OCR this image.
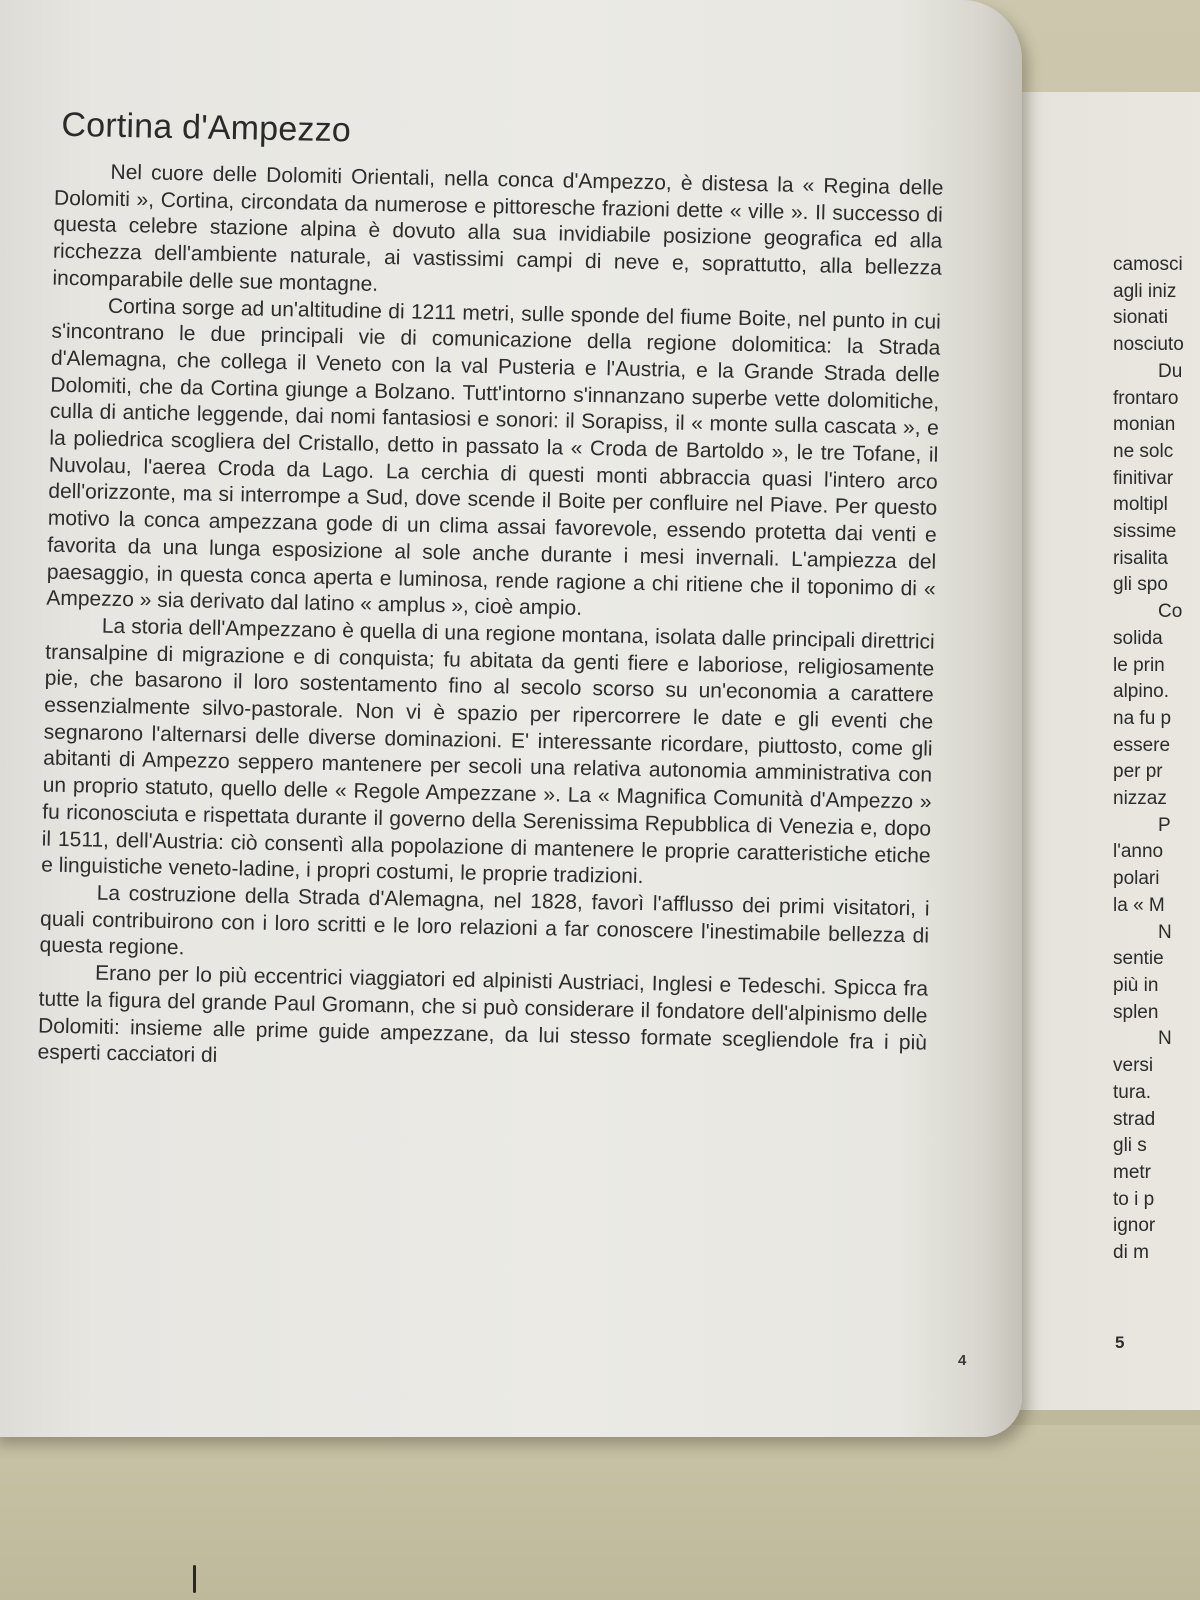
camosci
agli iniz
sionati
nosciuto
Du
frontaro
monian
ne solc
finitivar
moltipl
sissime
risalita
gli spo
Co
solida
le prin
alpino.
na fu p
essere
per pr
nizzaz
P
l'anno
polari
la « M
N
sentie
più in
splen
N
versi
tura.
strad
gli s
metr
to i p
ignor
di m
5
Cortina d'Ampezzo

Nel cuore delle Dolomiti Orientali, nella conca d'Ampezzo, è distesa la « Regina delle Dolomiti », Cortina, circondata da numerose e pittoresche frazioni dette « ville ». Il successo di questa celebre stazione alpina è dovuto alla sua invidiabile posizione geografica ed alla ricchezza dell'ambiente naturale, ai vastissimi campi di neve e, soprattutto, alla bellezza incomparabile delle sue montagne.

Cortina sorge ad un'altitudine di 1211 metri, sulle sponde del fiume Boite, nel punto in cui s'incontrano le due principali vie di comunicazione della regione dolomitica: la Strada d'Alemagna, che collega il Veneto con la val Pusteria e l'Austria, e la Grande Strada delle Dolomiti, che da Cortina giunge a Bolzano. Tutt'intorno s'innanzano superbe vette dolomitiche, culla di antiche leggende, dai nomi fantasiosi e sonori: il Sorapiss, il « monte sulla cascata », e la poliedrica scogliera del Cristallo, detto in passato la « Croda de Bartoldo », le tre Tofane, il Nuvolau, l'aerea Croda da Lago. La cerchia di questi monti abbraccia quasi l'intero arco dell'orizzonte, ma si interrompe a Sud, dove scende il Boite per confluire nel Piave. Per questo motivo la conca ampezzana gode di un clima assai favorevole, essendo protetta dai venti e favorita da una lunga esposizione al sole anche durante i mesi invernali. L'ampiezza del paesaggio, in questa conca aperta e luminosa, rende ragione a chi ritiene che il toponimo di « Ampezzo » sia derivato dal latino « amplus », cioè ampio.

La storia dell'Ampezzano è quella di una regione montana, isolata dalle principali direttrici transalpine di migrazione e di conquista; fu abitata da genti fiere e laboriose, religiosamente pie, che basarono il loro sostentamento fino al secolo scorso su un'economia a carattere essenzialmente silvo-pastorale. Non vi è spazio per ripercorrere le date e gli eventi che segnarono l'alternarsi delle diverse dominazioni. E' interessante ricordare, piuttosto, come gli abitanti di Ampezzo seppero mantenere per secoli una relativa autonomia amministrativa con un proprio statuto, quello delle « Regole Ampezzane ». La « Magnifica Comunità d'Ampezzo » fu riconosciuta e rispettata durante il governo della Serenissima Repubblica di Venezia e, dopo il 1511, dell'Austria: ciò consentì alla popolazione di mantenere le proprie caratteristiche etiche e linguistiche veneto-ladine, i propri costumi, le proprie tradizioni.

La costruzione della Strada d'Alemagna, nel 1828, favorì l'afflusso dei primi visitatori, i quali contribuirono con i loro scritti e le loro relazioni a far conoscere l'inestimabile bellezza di questa regione.

Erano per lo più eccentrici viaggiatori ed alpinisti Austriaci, Inglesi e Tedeschi. Spicca fra tutte la figura del grande Paul Gromann, che si può considerare il fondatore dell'alpinismo delle Dolomiti: insieme alle prime guide ampezzane, da lui stesso formate scegliendole fra i più esperti cacciatori di

4
